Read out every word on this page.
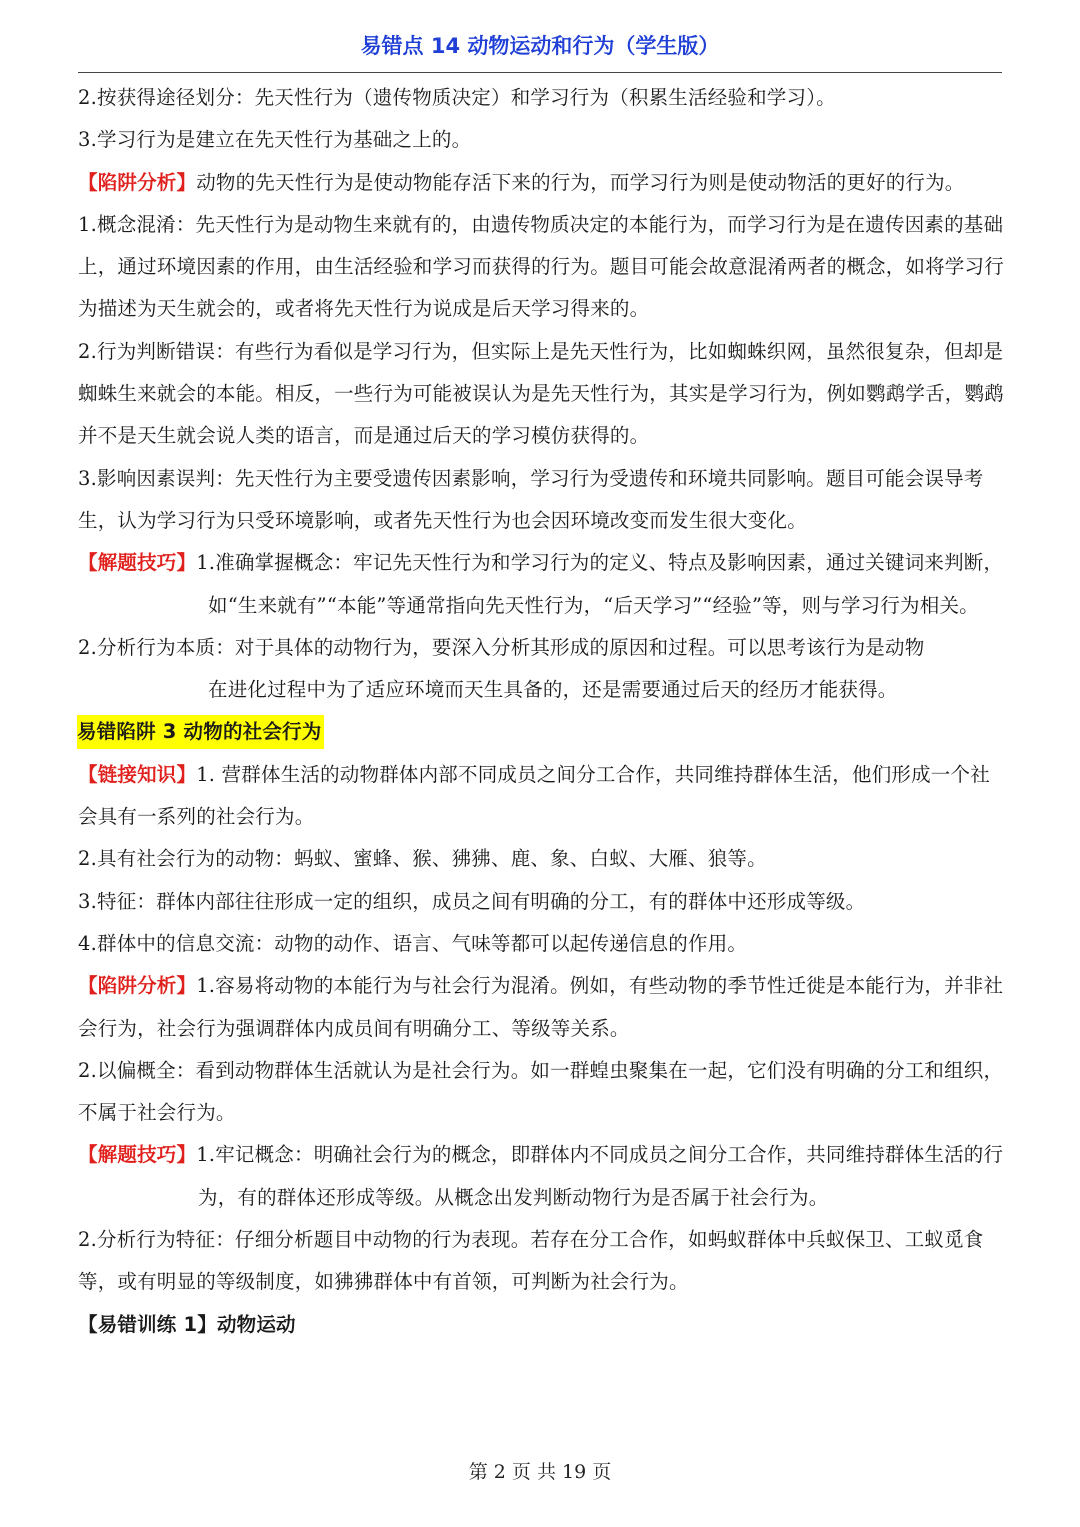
易错点 14 动物运动和行为（学生版）

2.按获得途径划分：先天性行为（遗传物质决定）和学习行为（积累生活经验和学习）。

3.学习行为是建立在先天性行为基础之上的。

【陷阱分析】动物的先天性行为是使动物能存活下来的行为，而学习行为则是使动物活的更好的行为。

1.概念混淆：先天性行为是动物生来就有的，由遗传物质决定的本能行为，而学习行为是在遗传因素的基础上，通过环境因素的作用，由生活经验和学习而获得的行为。题目可能会故意混淆两者的概念，如将学习行为描述为天生就会的，或者将先天性行为说成是后天学习得来的。

2.行为判断错误：有些行为看似是学习行为，但实际上是先天性行为，比如蜘蛛织网，虽然很复杂，但却是蜘蛛生来就会的本能。相反，一些行为可能被误认为是先天性行为，其实是学习行为，例如鹦鹉学舌，鹦鹉并不是天生就会说人类的语言，而是通过后天的学习模仿获得的。

3.影响因素误判：先天性行为主要受遗传因素影响，学习行为受遗传和环境共同影响。题目可能会误导考生，认为学习行为只受环境影响，或者先天性行为也会因环境改变而发生很大变化。

【解题技巧】1.准确掌握概念：牢记先天性行为和学习行为的定义、特点及影响因素，通过关键词来判断，如“生来就有”“本能”等通常指向先天性行为，“后天学习”“经验”等，则与学习行为相关。

2.分析行为本质：对于具体的动物行为，要深入分析其形成的原因和过程。可以思考该行为是动物

在进化过程中为了适应环境而天生具备的，还是需要通过后天的经历才能获得。

易错陷阱 3 动物的社会行为

【链接知识】1. 营群体生活的动物群体内部不同成员之间分工合作，共同维持群体生活，他们形成一个社会具有一系列的社会行为。

2.具有社会行为的动物：蚂蚁、蜜蜂、猴、狒狒、鹿、象、白蚁、大雁、狼等。

3.特征：群体内部往往形成一定的组织，成员之间有明确的分工，有的群体中还形成等级。

4.群体中的信息交流：动物的动作、语言、气味等都可以起传递信息的作用。

【陷阱分析】1.容易将动物的本能行为与社会行为混淆。例如，有些动物的季节性迁徙是本能行为，并非社会行为，社会行为强调群体内成员间有明确分工、等级等关系。

2.以偏概全：看到动物群体生活就认为是社会行为。如一群蝗虫聚集在一起，它们没有明确的分工和组织，不属于社会行为。

【解题技巧】1.牢记概念：明确社会行为的概念，即群体内不同成员之间分工合作，共同维持群体生活的行为，有的群体还形成等级。从概念出发判断动物行为是否属于社会行为。

2.分析行为特征：仔细分析题目中动物的行为表现。若存在分工合作，如蚂蚁群体中兵蚁保卫、工蚁觅食等，或有明显的等级制度，如狒狒群体中有首领，可判断为社会行为。

【易错训练 1】动物运动

第 2 页 共 19 页
